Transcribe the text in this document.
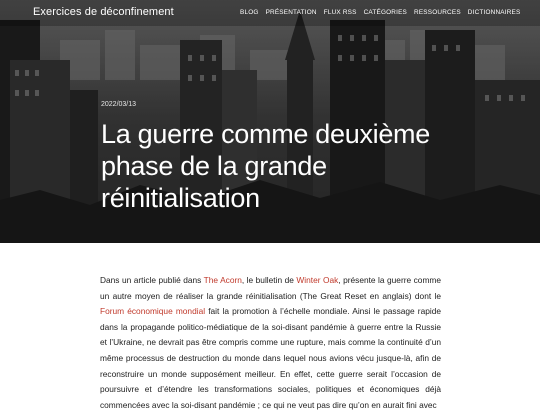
Exercices de déconfinement	BLOG PRÉSENTATION FLUX RSS CATÉGORIES RESSOURCES DICTIONNAIRES
2022/03/13
La guerre comme deuxième phase de la grande réinitialisation

Dans un article publié dans The Acorn, le bulletin de Winter Oak, présente la guerre comme un autre moyen de réaliser la grande réinitialisation (The Great Reset en anglais) dont le Forum économique mondial fait la promotion à l’échelle mondiale. Ainsi le passage rapide dans la propagande politico-médiatique de la soi-disant pandémie à guerre entre la Russie et l’Ukraine, ne devrait pas être compris comme une rupture, mais comme la continuité d’un même processus de destruction du monde dans lequel nous avions vécu jusque-là, afin de reconstruire un monde supposément meilleur. En effet, cette guerre serait l’occasion de poursuivre et d’étendre les transformations sociales, politiques et économiques déjà commencées avec la soi-disant pandémie ; ce qui ne veut pas dire qu’on en aurait fini avec
